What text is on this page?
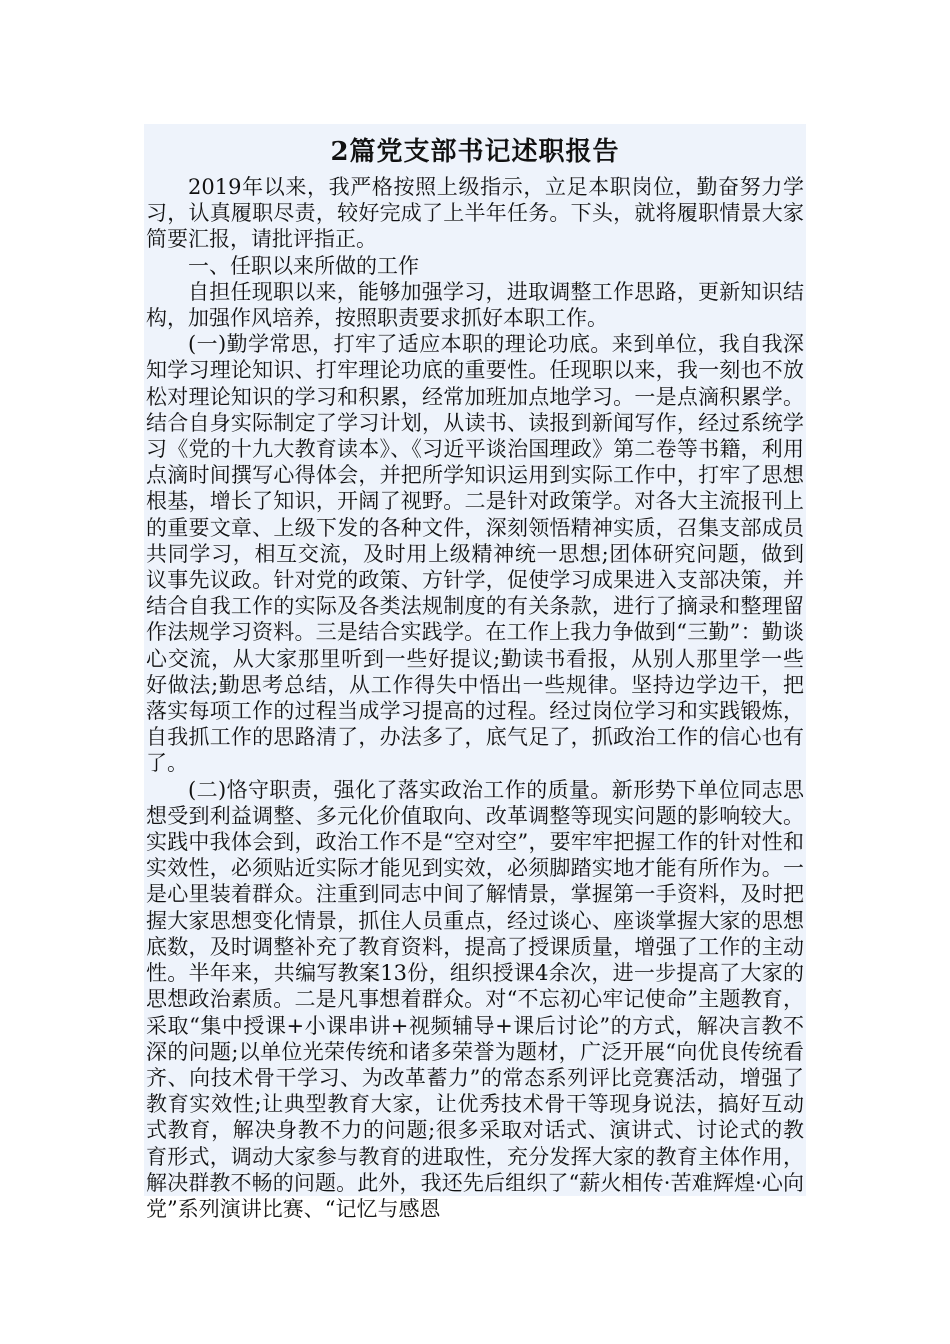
2篇党支部书记述职报告

2019年以来，我严格按照上级指示，立足本职岗位，勤奋努力学习，认真履职尽责，较好完成了上半年任务。下头，就将履职情景大家简要汇报，请批评指正。

一、任职以来所做的工作

自担任现职以来，能够加强学习，进取调整工作思路，更新知识结构，加强作风培养，按照职责要求抓好本职工作。

(一)勤学常思，打牢了适应本职的理论功底。来到单位，我自我深知学习理论知识、打牢理论功底的重要性。任现职以来，我一刻也不放松对理论知识的学习和积累，经常加班加点地学习。一是点滴积累学。结合自身实际制定了学习计划，从读书、读报到新闻写作，经过系统学习《党的十九大教育读本》、《习近平谈治国理政》第二卷等书籍，利用点滴时间撰写心得体会，并把所学知识运用到实际工作中，打牢了思想根基，增长了知识，开阔了视野。二是针对政策学。对各大主流报刊上的重要文章、上级下发的各种文件，深刻领悟精神实质，召集支部成员共同学习，相互交流，及时用上级精神统一思想;团体研究问题，做到议事先议政。针对党的政策、方针学，促使学习成果进入支部决策，并结合自我工作的实际及各类法规制度的有关条款，进行了摘录和整理留作法规学习资料。三是结合实践学。在工作上我力争做到“三勤”：勤谈心交流，从大家那里听到一些好提议;勤读书看报，从别人那里学一些好做法;勤思考总结，从工作得失中悟出一些规律。坚持边学边干，把落实每项工作的过程当成学习提高的过程。经过岗位学习和实践锻炼，自我抓工作的思路清了，办法多了，底气足了，抓政治工作的信心也有了。

(二)恪守职责，强化了落实政治工作的质量。新形势下单位同志思想受到利益调整、多元化价值取向、改革调整等现实问题的影响较大。实践中我体会到，政治工作不是“空对空”，要牢牢把握工作的针对性和实效性，必须贴近实际才能见到实效，必须脚踏实地才能有所作为。一是心里装着群众。注重到同志中间了解情景，掌握第一手资料，及时把握大家思想变化情景，抓住人员重点，经过谈心、座谈掌握大家的思想底数，及时调整补充了教育资料，提高了授课质量，增强了工作的主动性。半年来，共编写教案13份，组织授课4余次，进一步提高了大家的思想政治素质。二是凡事想着群众。对“不忘初心牢记使命”主题教育，采取“集中授课+小课串讲+视频辅导+课后讨论”的方式，解决言教不深的问题;以单位光荣传统和诸多荣誉为题材，广泛开展“向优良传统看齐、向技术骨干学习、为改革蓄力”的常态系列评比竞赛活动，增强了教育实效性;让典型教育大家，让优秀技术骨干等现身说法，搞好互动式教育，解决身教不力的问题;很多采取对话式、演讲式、讨论式的教育形式，调动大家参与教育的进取性，充分发挥大家的教育主体作用，解决群教不畅的问题。此外，我还先后组织了“薪火相传·苦难辉煌·心向党”系列演讲比赛、“记忆与感恩
